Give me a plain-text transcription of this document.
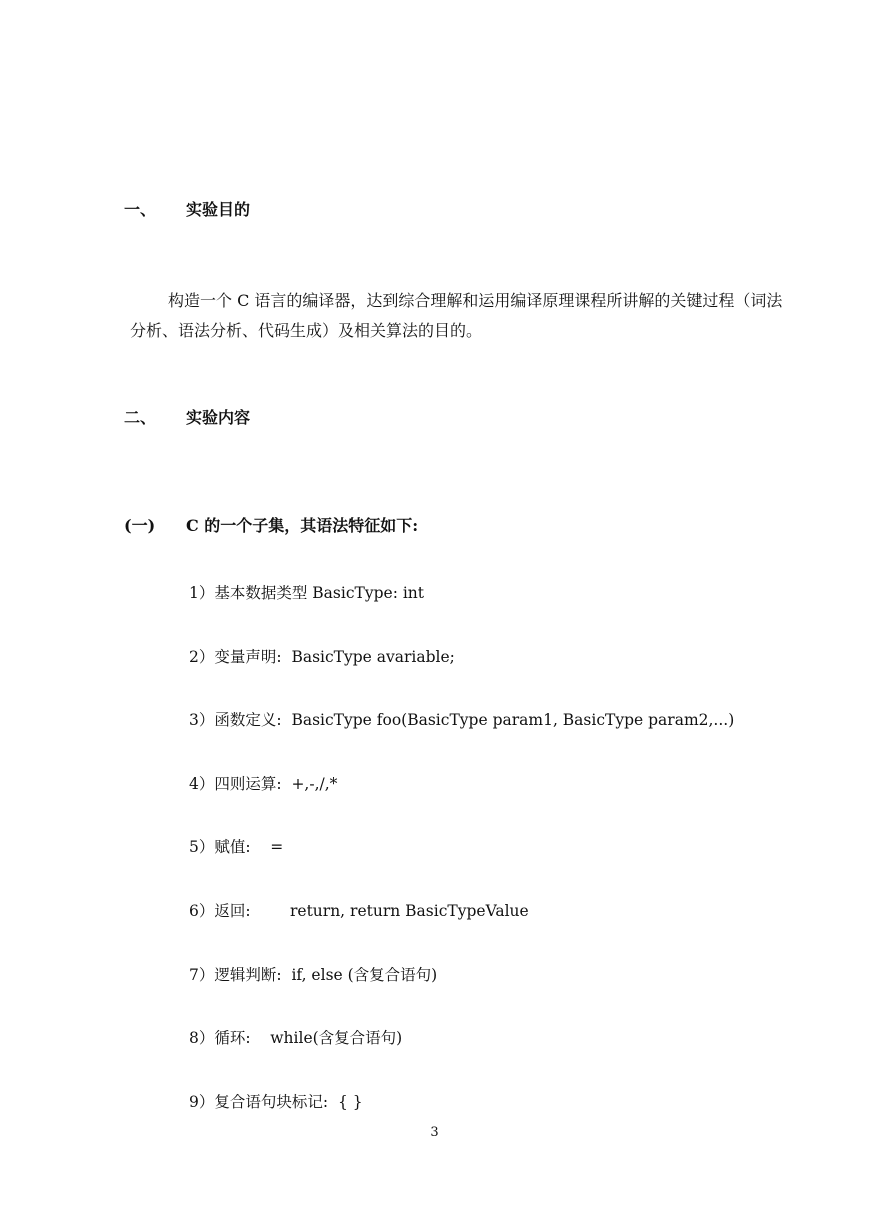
一、 实验目的
构造一个 C 语言的编译器，达到综合理解和运用编译原理课程所讲解的关键过程（词法分析、语法分析、代码生成）及相关算法的目的。
二、 实验内容
(一) C 的一个子集，其语法特征如下:
1）基本数据类型 BasicType: int
2）变量声明:  BasicType avariable;
3）函数定义:  BasicType foo(BasicType param1, BasicType param2,...)
4）四则运算:  +,-,/,*
5）赋值:    =
6）返回:        return, return BasicTypeValue
7）逻辑判断:  if, else (含复合语句)
8）循环:    while(含复合语句)
9）复合语句块标记:  { }
3
